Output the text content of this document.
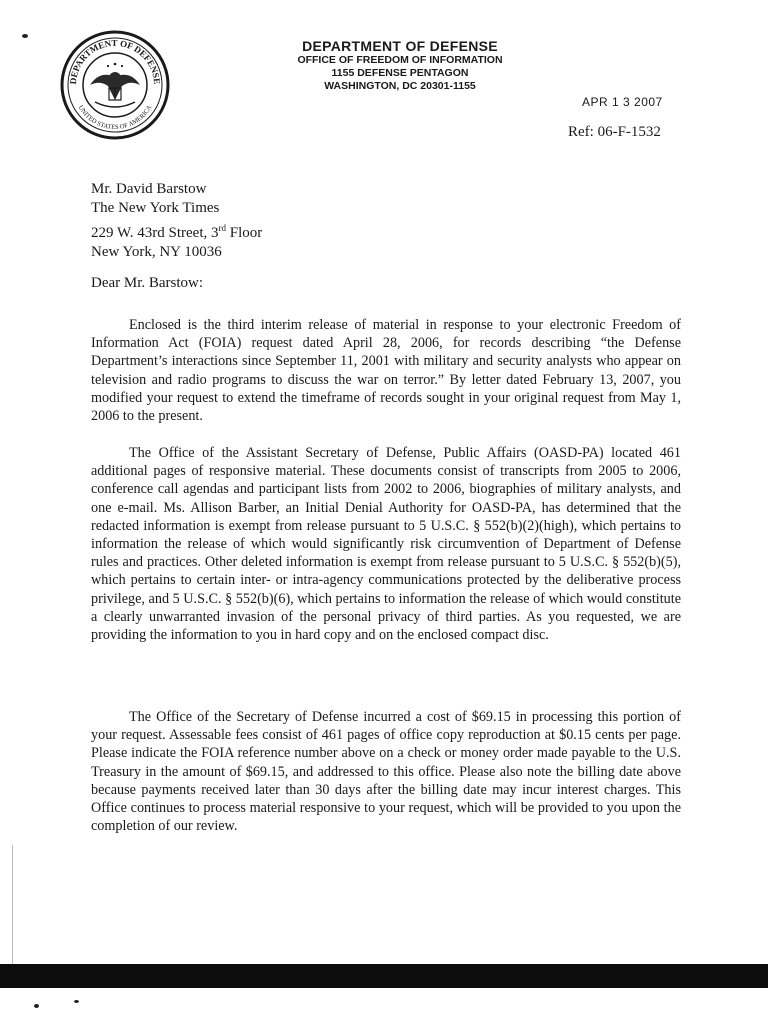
DEPARTMENT OF DEFENSE
UNITED STATES OF AMERICA
DEPARTMENT OF DEFENSE
OFFICE OF FREEDOM OF INFORMATION
1155 DEFENSE PENTAGON
WASHINGTON, DC 20301-1155
APR 1 3 2007
Ref: 06-F-1532
Mr. David Barstow
The New York Times
229 W. 43rd Street, 3rd Floor
New York, NY 10036
Dear Mr. Barstow:

Enclosed is the third interim release of material in response to your electronic Freedom of Information Act (FOIA) request dated April 28, 2006, for records describing “the Defense Department’s interactions since September 11, 2001 with military and security analysts who appear on television and radio programs to discuss the war on terror.” By letter dated February 13, 2007, you modified your request to extend the timeframe of records sought in your original request from May 1, 2006 to the present.

The Office of the Assistant Secretary of Defense, Public Affairs (OASD-PA) located 461 additional pages of responsive material. These documents consist of transcripts from 2005 to 2006, conference call agendas and participant lists from 2002 to 2006, biographies of military analysts, and one e-mail. Ms. Allison Barber, an Initial Denial Authority for OASD-PA, has determined that the redacted information is exempt from release pursuant to 5 U.S.C. § 552(b)(2)(high), which pertains to information the release of which would significantly risk circumvention of Department of Defense rules and practices. Other deleted information is exempt from release pursuant to 5 U.S.C. § 552(b)(5), which pertains to certain inter- or intra-agency communications protected by the deliberative process privilege, and 5 U.S.C. § 552(b)(6), which pertains to information the release of which would constitute a clearly unwarranted invasion of the personal privacy of third parties. As you requested, we are providing the information to you in hard copy and on the enclosed compact disc.

The Office of the Secretary of Defense incurred a cost of $69.15 in processing this portion of your request. Assessable fees consist of 461 pages of office copy reproduction at $0.15 cents per page. Please indicate the FOIA reference number above on a check or money order made payable to the U.S. Treasury in the amount of $69.15, and addressed to this office. Please also note the billing date above because payments received later than 30 days after the billing date may incur interest charges. This Office continues to process material responsive to your request, which will be provided to you upon the completion of our review.
